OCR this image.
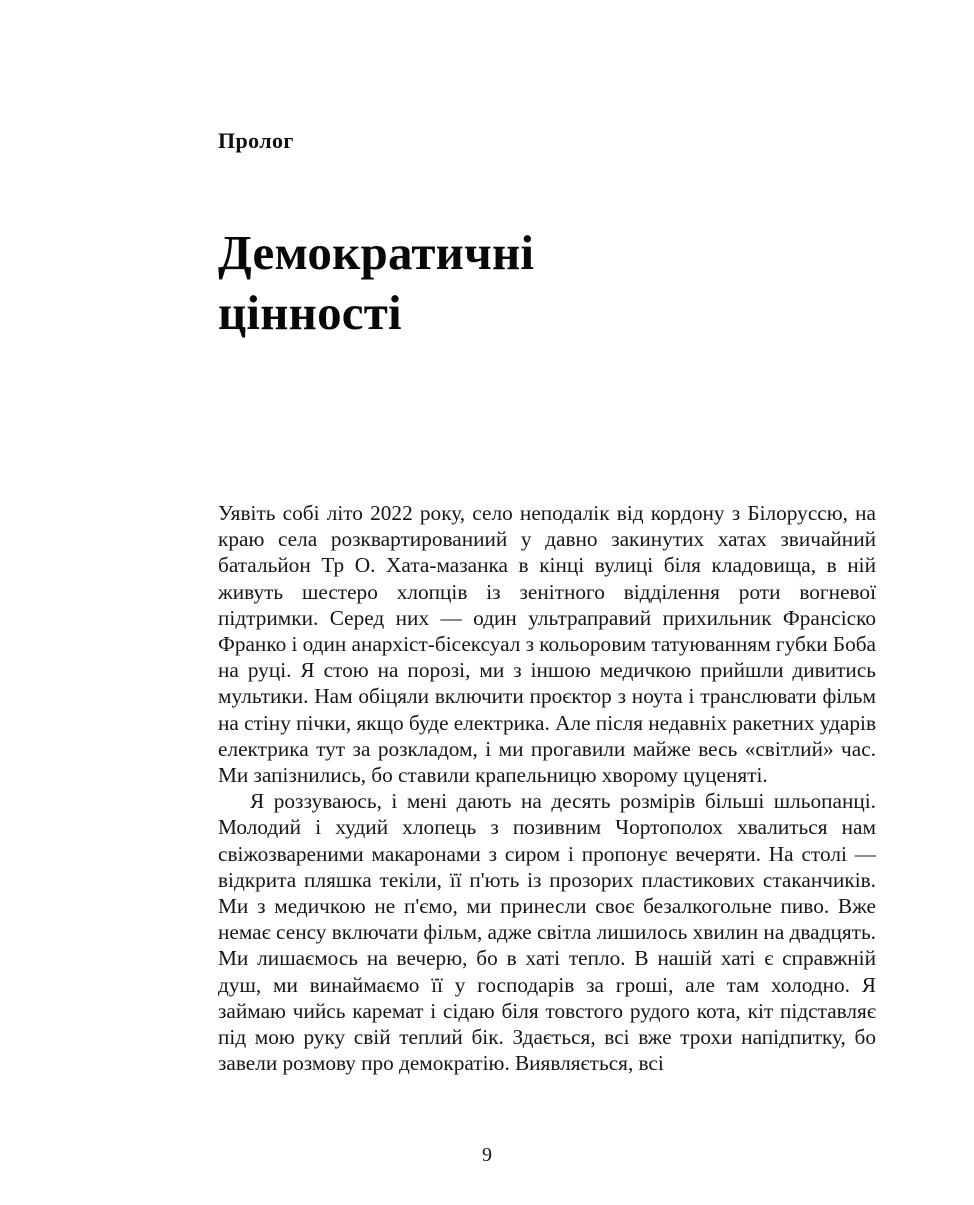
Пролог
Демократичні
цінності

Уявіть собі літо 2022 року, село неподалік від кордону з Білоруссю, на краю села розквартированиий у давно закинутих хатах звичайний батальйон Тр О. Хата-мазанка в кінці вулиці біля кладовища, в ній живуть шестеро хлопців із зенітного відділення роти вогневої підтримки. Серед них — один ультраправий прихильник Франсіско Франко і один анархіст-бісексуал з кольоровим татуюванням губки Боба на руці. Я стою на порозі, ми з іншою медичкою прийшли дивитись мультики. Нам обіцяли включити проєктор з ноута і транслювати фільм на стіну пічки, якщо буде електрика. Але після недавніх ракетних ударів електрика тут за розкладом, і ми прогавили майже весь «світлий» час. Ми запізнились, бо ставили крапельницю хворому цуценяті.

Я роззуваюсь, і мені дають на десять розмірів більші шльопанці. Молодий і худий хлопець з позивним Чортополох хвалиться нам свіжозвареними макаронами з сиром і пропонує вечеряти. На столі — відкрита пляшка текіли, її п'ють із прозорих пластикових стаканчиків. Ми з медичкою не п'ємо, ми принесли своє безалкогольне пиво. Вже немає сенсу включати фільм, адже світла лишилось хвилин на двадцять. Ми лишаємось на вечерю, бо в хаті тепло. В нашій хаті є справжній душ, ми винаймаємо її у господарів за гроші, але там холодно. Я займаю чийсь каремат і сідаю біля товстого рудого кота, кіт підставляє під мою руку свій теплий бік. Здається, всі вже трохи напідпитку, бо завели розмову про демократію. Виявляється, всі

9
